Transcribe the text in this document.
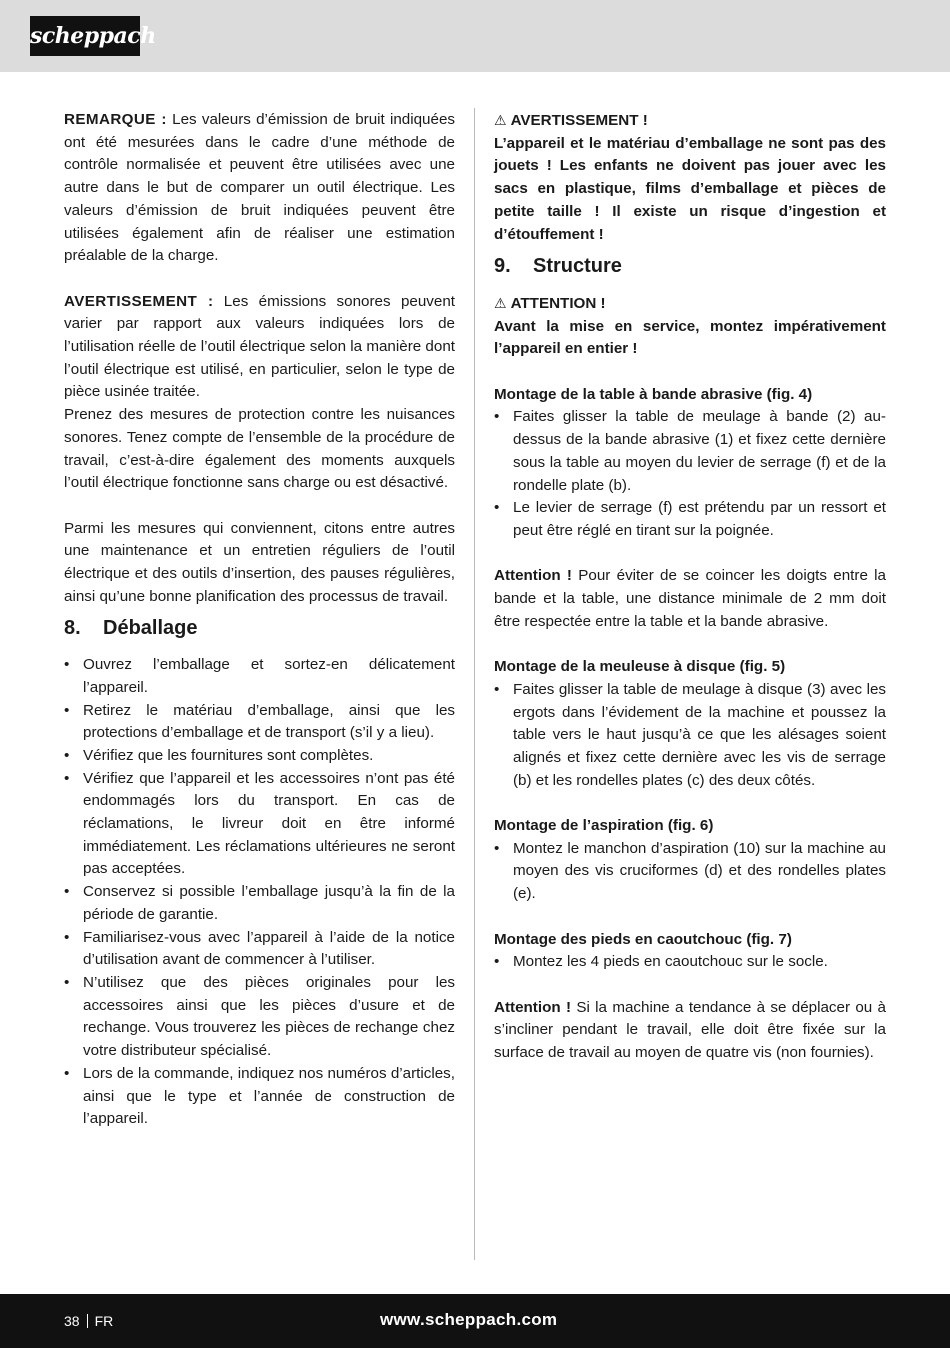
scheppach

REMARQUE : Les valeurs d’émission de bruit indiquées ont été mesurées dans le cadre d’une méthode de contrôle normalisée et peuvent être utilisées avec une autre dans le but de comparer un outil électrique. Les valeurs d’émission de bruit indiquées peuvent être utilisées également afin de réaliser une estimation préalable de la charge.

AVERTISSEMENT : Les émissions sonores peuvent varier par rapport aux valeurs indiquées lors de l’utilisation réelle de l’outil électrique selon la manière dont l’outil électrique est utilisé, en particulier, selon le type de pièce usinée traitée.

Prenez des mesures de protection contre les nuisances sonores. Tenez compte de l’ensemble de la procédure de travail, c’est-à-dire également des moments auxquels l’outil électrique fonctionne sans charge ou est désactivé.

Parmi les mesures qui conviennent, citons entre autres une maintenance et un entretien réguliers de l’outil électrique et des outils d’insertion, des pauses régulières, ainsi qu’une bonne planification des processus de travail.

8. Déballage
• Ouvrez l’emballage et sortez-en délicatement l’appareil.
• Retirez le matériau d’emballage, ainsi que les protections d’emballage et de transport (s’il y a lieu).
• Vérifiez que les fournitures sont complètes.
• Vérifiez que l’appareil et les accessoires n’ont pas été endommagés lors du transport. En cas de réclamations, le livreur doit en être informé immédiatement. Les réclamations ultérieures ne seront pas acceptées.
• Conservez si possible l’emballage jusqu’à la fin de la période de garantie.
• Familiarisez-vous avec l’appareil à l’aide de la notice d’utilisation avant de commencer à l’utiliser.
• N’utilisez que des pièces originales pour les accessoires ainsi que les pièces d’usure et de rechange. Vous trouverez les pièces de rechange chez votre distributeur spécialisé.
• Lors de la commande, indiquez nos numéros d’articles, ainsi que le type et l’année de construction de l’appareil.

⚠ AVERTISSEMENT !

L’appareil et le matériau d’emballage ne sont pas des jouets ! Les enfants ne doivent pas jouer avec les sacs en plastique, films d’emballage et pièces de petite taille ! Il existe un risque d’ingestion et d’étouffement !

9. Structure

⚠ ATTENTION !

Avant la mise en service, montez impérativement l’appareil en entier !

Montage de la table à bande abrasive (fig. 4)

• Faites glisser la table de meulage à bande (2) au-dessus de la bande abrasive (1) et fixez cette dernière sous la table au moyen du levier de serrage (f) et de la rondelle plate (b).
• Le levier de serrage (f) est prétendu par un ressort et peut être réglé en tirant sur la poignée.

Attention ! Pour éviter de se coincer les doigts entre la bande et la table, une distance minimale de 2 mm doit être respectée entre la table et la bande abrasive.

Montage de la meuleuse à disque (fig. 5)

• Faites glisser la table de meulage à disque (3) avec les ergots dans l’évidement de la machine et poussez la table vers le haut jusqu’à ce que les alésages soient alignés et fixez cette dernière avec les vis de serrage (b) et les rondelles plates (c) des deux côtés.

Montage de l’aspiration (fig. 6)

• Montez le manchon d’aspiration (10) sur la machine au moyen des vis cruciformes (d) et des rondelles plates (e).

Montage des pieds en caoutchouc (fig. 7)

• Montez les 4 pieds en caoutchouc sur le socle.

Attention ! Si la machine a tendance à se déplacer ou à s’incliner pendant le travail, elle doit être fixée sur la surface de travail au moyen de quatre vis (non fournies).

38 FR	www.scheppach.com
